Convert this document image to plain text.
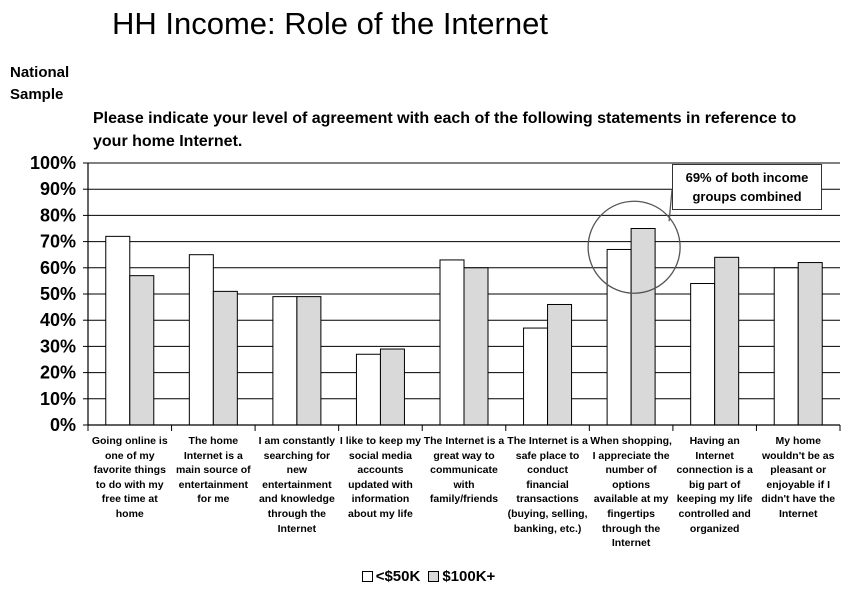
HH Income: Role of the Internet
National Sample
Please indicate your level of agreement with each of the following statements in reference to your home Internet.
0%
10%
20%
30%
40%
50%
60%
70%
80%
90%
100%
Going online is
one of my
favorite things
to do with my
free time at
home
The home
Internet is a
main source of
entertainment
for me
I am constantly
searching for
new
entertainment
and knowledge
through the
Internet
I like to keep my
social media
accounts
updated with
information
about my life
The Internet is a
great way to
communicate
with
family/friends
The Internet is a
safe place to
conduct
financial
transactions
(buying, selling,
banking, etc.)
When shopping,
I appreciate the
number of
options
available at my
fingertips
through the
Internet
Having an
Internet
connection is a
big part of
keeping my life
controlled and
organized
My home
wouldn't be as
pleasant or
enjoyable if I
didn't have the
Internet
69% of both income groups combined
<$50K $100K+
